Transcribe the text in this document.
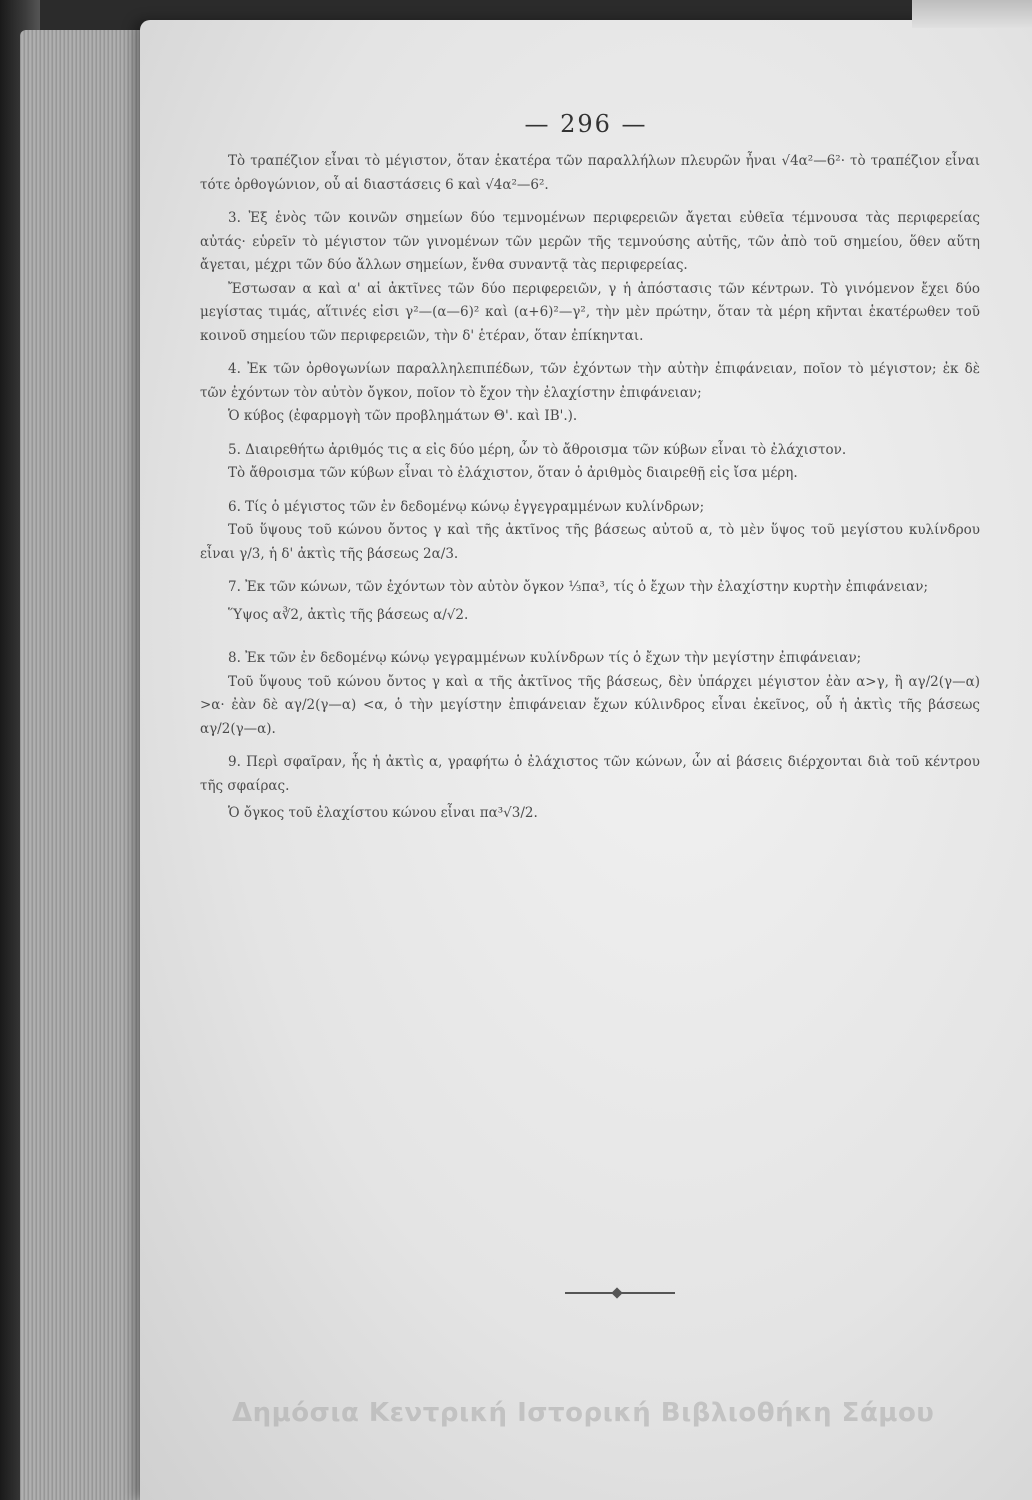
— 296 —

Τὸ τραπέζιον εἶναι τὸ μέγιστον, ὅταν ἑκατέρα τῶν παραλλήλων πλευρῶν ἦναι √4α²—6²· τὸ τραπέζιον εἶναι τότε ὀρθογώνιον, οὗ αἱ διαστάσεις 6 καὶ √4α²—6².

3. Ἐξ ἑνὸς τῶν κοινῶν σημείων δύο τεμνομένων περιφερειῶν ἄγεται εὐθεῖα τέμνουσα τὰς περιφερείας αὐτάς· εὑρεῖν τὸ μέγιστον τῶν γινομένων τῶν μερῶν τῆς τεμνούσης αὐτῆς, τῶν ἀπὸ τοῦ σημείου, ὅθεν αὕτη ἄγεται, μέχρι τῶν δύο ἄλλων σημείων, ἔνθα συναντᾷ τὰς περιφερείας.

Ἔστωσαν α καὶ α' αἱ ἀκτῖνες τῶν δύο περιφερειῶν, γ ἡ ἀπόστασις τῶν κέντρων. Τὸ γινόμενον ἔχει δύο μεγίστας τιμάς, αἵτινές εἰσι γ²—(α—6)² καὶ (α+6)²—γ², τὴν μὲν πρώτην, ὅταν τὰ μέρη κῆνται ἑκατέρωθεν τοῦ κοινοῦ σημείου τῶν περιφερειῶν, τὴν δ' ἑτέραν, ὅταν ἐπίκηνται.

4. Ἐκ τῶν ὀρθογωνίων παραλληλεπιπέδων, τῶν ἐχόντων τὴν αὐτὴν ἐπιφάνειαν, ποῖον τὸ μέγιστον; ἐκ δὲ τῶν ἐχόντων τὸν αὐτὸν ὄγκον, ποῖον τὸ ἔχον τὴν ἐλαχίστην ἐπιφάνειαν;

Ὁ κύβος (ἐφαρμογὴ τῶν προβλημάτων Θ'. καὶ ΙΒ'.).

5. Διαιρεθήτω ἀριθμός τις α εἰς δύο μέρη, ὧν τὸ ἄθροισμα τῶν κύβων εἶναι τὸ ἐλάχιστον.

Τὸ ἄθροισμα τῶν κύβων εἶναι τὸ ἐλάχιστον, ὅταν ὁ ἀριθμὸς διαιρεθῇ εἰς ἴσα μέρη.

6. Τίς ὁ μέγιστος τῶν ἐν δεδομένῳ κώνῳ ἐγγεγραμμένων κυλίνδρων;

Τοῦ ὕψους τοῦ κώνου ὄντος γ καὶ τῆς ἀκτῖνος τῆς βάσεως αὐτοῦ α, τὸ μὲν ὕψος τοῦ μεγίστου κυλίνδρου εἶναι γ/3, ἡ δ' ἀκτὶς τῆς βάσεως 2α/3.

7. Ἐκ τῶν κώνων, τῶν ἐχόντων τὸν αὐτὸν ὄγκον ⅓πα³, τίς ὁ ἔχων τὴν ἐλαχίστην κυρτὴν ἐπιφάνειαν;

Ὕψος α∛2, ἀκτὶς τῆς βάσεως α/√2.

8. Ἐκ τῶν ἐν δεδομένῳ κώνῳ γεγραμμένων κυλίνδρων τίς ὁ ἔχων τὴν μεγίστην ἐπιφάνειαν;

Τοῦ ὕψους τοῦ κώνου ὄντος γ καὶ α τῆς ἀκτῖνος τῆς βάσεως, δὲν ὑπάρχει μέγιστον ἐὰν α>γ, ἢ αγ/2(γ—α) >α· ἐὰν δὲ αγ/2(γ—α) <α, ὁ τὴν μεγίστην ἐπιφάνειαν ἔχων κύλινδρος εἶναι ἐκεῖνος, οὗ ἡ ἀκτὶς τῆς βάσεως αγ/2(γ—α).

9. Περὶ σφαῖραν, ἧς ἡ ἀκτὶς α, γραφήτω ὁ ἐλάχιστος τῶν κώνων, ὧν αἱ βάσεις διέρχονται διὰ τοῦ κέντρου τῆς σφαίρας.

Ὁ ὄγκος τοῦ ἐλαχίστου κώνου εἶναι πα³√3/2.

Δημόσια Κεντρική Ιστορική Βιβλιοθήκη Σάμου
